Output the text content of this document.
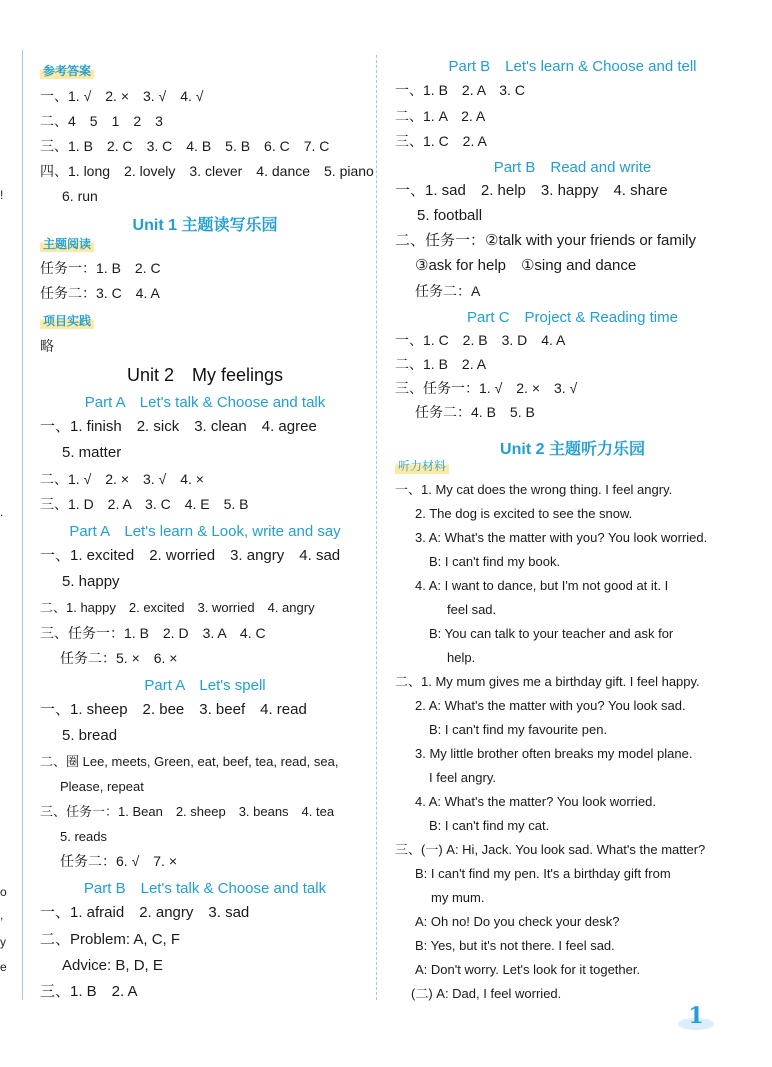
!
.
o
,
y
e
参考答案
一、1. √　2. ×　3. √　4. √
二、4　5　1　2　3
三、1. B　2. C　3. C　4. B　5. B　6. C　7. C
四、1. long　2. lovely　3. clever　4. dance　5. piano
6. run
Unit 1 主题读写乐园
主题阅读
任务一：1. B　2. C
任务二：3. C　4. A
项目实践
略
Unit 2　My feelings
Part A　Let's talk & Choose and talk
一、1. finish　2. sick　3. clean　4. agree
5. matter
二、1. √　2. ×　3. √　4. ×
三、1. D　2. A　3. C　4. E　5. B
Part A　Let's learn & Look, write and say
一、1. excited　2. worried　3. angry　4. sad
5. happy
二、1. happy　2. excited　3. worried　4. angry
三、任务一：1. B　2. D　3. A　4. C
任务二：5. ×　6. ×
Part A　Let's spell
一、1. sheep　2. bee　3. beef　4. read
5. bread
二、圈 Lee, meets, Green, eat, beef, tea, read, sea,
Please, repeat
三、任务一：1. Bean　2. sheep　3. beans　4. tea
5. reads
任务二：6. √　7. ×
Part B　Let's talk & Choose and talk
一、1. afraid　2. angry　3. sad
二、Problem: A, C, F
Advice: B, D, E
三、1. B　2. A
Part B　Let's learn & Choose and tell
一、1. B　2. A　3. C
二、1. A　2. A
三、1. C　2. A
Part B　Read and write
一、1. sad　2. help　3. happy　4. share
5. football
二、任务一：②talk with your friends or family
③ask for help　①sing and dance
任务二：A
Part C　Project & Reading time
一、1. C　2. B　3. D　4. A
二、1. B　2. A
三、任务一：1. √　2. ×　3. √
任务二：4. B　5. B
Unit 2 主题听力乐园
听力材料
一、1. My cat does the wrong thing. I feel angry.
2. The dog is excited to see the snow.
3. A: What's the matter with you? You look worried.
B: I can't find my book.
4. A: I want to dance, but I'm not good at it. I
feel sad.
B: You can talk to your teacher and ask for
help.
二、1. My mum gives me a birthday gift. I feel happy.
2. A: What's the matter with you? You look sad.
B: I can't find my favourite pen.
3. My little brother often breaks my model plane.
I feel angry.
4. A: What's the matter? You look worried.
B: I can't find my cat.
三、(一) A: Hi, Jack. You look sad. What's the matter?
B: I can't find my pen. It's a birthday gift from
my mum.
A: Oh no! Do you check your desk?
B: Yes, but it's not there. I feel sad.
A: Don't worry. Let's look for it together.
(二) A: Dad, I feel worried.
1
